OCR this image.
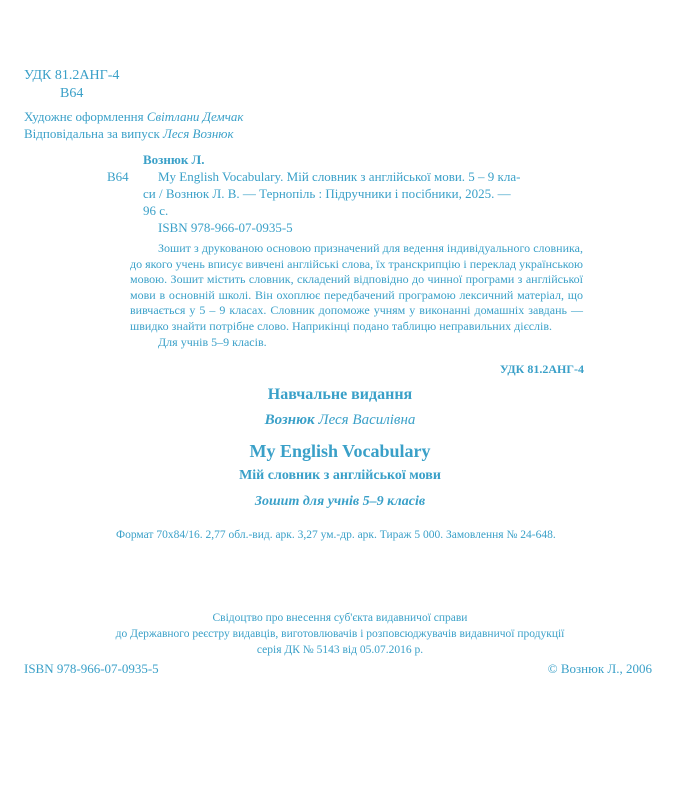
УДК 81.2АНГ-4
В64
Художнє оформлення Світлани Демчак
Відповідальна за випуск Леся Вознюк
Вознюк Л.
В64 My English Vocabulary. Мій словник з англійської мови. 5 – 9 кла-
си / Вознюк Л. В. — Тернопіль : Підручники і посібники, 2025. —
96 с.
ISBN 978-966-07-0935-5

Зошит з друкованою основою призначений для ведення індивідуального словника, до якого учень вписує вивчені англійські слова, їх транскрипцію і переклад українською мовою. Зошит містить словник, складений відповідно до чинної програми з англійської мови в основній школі. Він охоплює передбачений програмою лексичний матеріал, що вивчається у 5 – 9 класах. Словник допоможе учням у виконанні домашніх завдань — швидко знайти потрібне слово. Наприкінці подано таблицю неправильних дієслів.

Для учнів 5–9 класів.

УДК 81.2АНГ-4
Навчальне видання
Вознюк Леся Василівна
My English Vocabulary
Мій словник з англійської мови
Зошит для учнів 5–9 класів
Формат 70x84/16. 2,77 обл.-вид. арк. 3,27 ум.-др. арк. Тираж 5 000. Замовлення № 24-648.
Свідоцтво про внесення суб'єкта видавничої справи
до Державного реєстру видавців, виготовлювачів і розповсюджувачів видавничої продукції
серія ДК № 5143 від 05.07.2016 р.
ISBN 978-966-07-0935-5	© Вознюк Л., 2006
